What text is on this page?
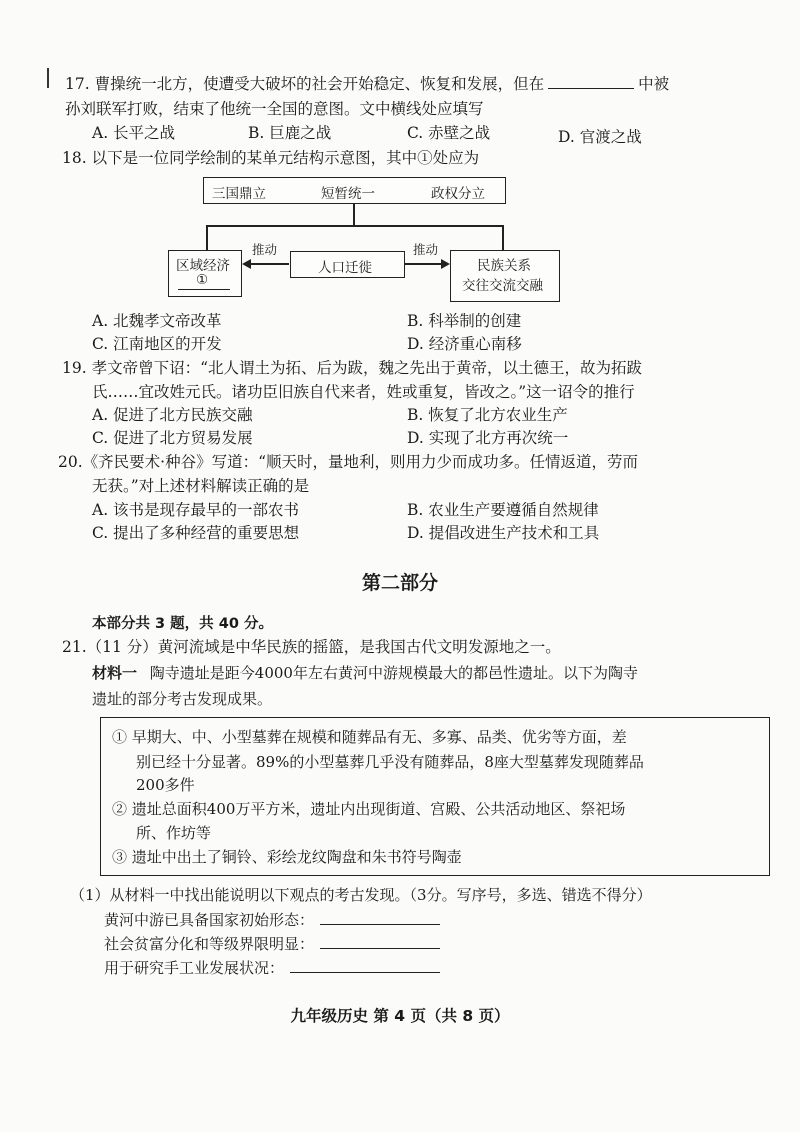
17. 曹操统一北方，使遭受大破坏的社会开始稳定、恢复和发展，但在	中被
孙刘联军打败，结束了他统一全国的意图。文中横线处应填写
A. 长平之战	B. 巨鹿之战	C. 赤壁之战	D. 官渡之战
18. 以下是一位同学绘制的某单元结构示意图，其中①处应为
三国鼎立	短暂统一	政权分立
区域经济
①
人口迁徙	民族关系
交往交流交融
推动	推动
A. 北魏孝文帝改革	B. 科举制的创建
C. 江南地区的开发	D. 经济重心南移
19. 孝文帝曾下诏：“北人谓土为拓、后为跋，魏之先出于黄帝，以土德王，故为拓跋
氏……宜改姓元氏。诸功臣旧族自代来者，姓或重复，皆改之。”这一诏令的推行
A. 促进了北方民族交融	B. 恢复了北方农业生产
C. 促进了北方贸易发展	D. 实现了北方再次统一
20.《齐民要术·种谷》写道：“顺天时，量地利，则用力少而成功多。任情返道，劳而
无获。”对上述材料解读正确的是
A. 该书是现存最早的一部农书	B. 农业生产要遵循自然规律
C. 提出了多种经营的重要思想	D. 提倡改进生产技术和工具
第二部分
本部分共 3 题，共 40 分。
21.（11 分）黄河流域是中华民族的摇篮，是我国古代文明发源地之一。
材料一 陶寺遗址是距今4000年左右黄河中游规模最大的都邑性遗址。以下为陶寺
遗址的部分考古发现成果。
① 早期大、中、小型墓葬在规模和随葬品有无、多寡、品类、优劣等方面，差
别已经十分显著。89%的小型墓葬几乎没有随葬品，8座大型墓葬发现随葬品
200多件
② 遗址总面积400万平方米，遗址内出现街道、宫殿、公共活动地区、祭祀场
所、作坊等
③ 遗址中出土了铜铃、彩绘龙纹陶盘和朱书符号陶壶
（1）从材料一中找出能说明以下观点的考古发现。（3分。写序号，多选、错选不得分）
黄河中游已具备国家初始形态：
社会贫富分化和等级界限明显：
用于研究手工业发展状况：
九年级历史 第 4 页（共 8 页）
